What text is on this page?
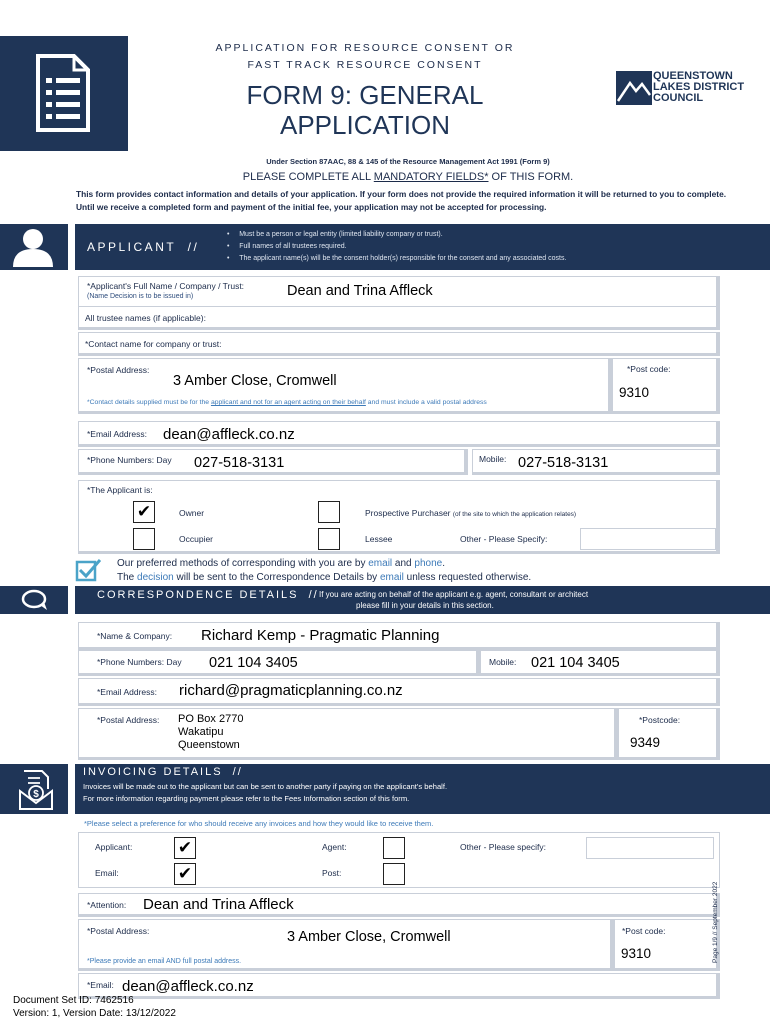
APPLICATION FOR RESOURCE CONSENT OR
FAST TRACK RESOURCE CONSENT
FORM 9: GENERAL
APPLICATION
QUEENSTOWN
LAKES DISTRICT
COUNCIL
Under Section 87AAC, 88 & 145 of the Resource Management Act 1991 (Form 9)
PLEASE COMPLETE ALL MANDATORY FIELDS* OF THIS FORM.
This form provides contact information and details of your application. If your form does not provide the required information it will be returned to you to complete. Until we receive a completed form and payment of the initial fee, your application may not be accepted for processing.
APPLICANT  //
•     Must be a person or legal entity (limited liability company or trust).
•     Full names of all trustees required.
•     The applicant name(s) will be the consent holder(s) responsible for the consent and any associated costs.
*Applicant's Full Name / Company / Trust:
(Name Decision is to be issued in)	Dean and Trina Affleck
All trustee names (if applicable):
*Contact name for company or trust:
*Postal Address:
3 Amber Close, Cromwell
*Contact details supplied must be for the applicant and not for an agent acting on their behalf and must include a valid postal address
*Post code:
9310
*Email Address: dean@affleck.co.nz
*Phone Numbers: Day 027-518-3131	Mobile: 027-518-3131
*The Applicant is:
✔	Owner	Prospective Purchaser (of the site to which the application relates)
Occupier	Lessee	Other - Please Specify:
Our preferred methods of corresponding with you are by email and phone.
The decision will be sent to the Correspondence Details by email unless requested otherwise.
CORRESPONDENCE DETAILS  // If you are acting on behalf of the applicant e.g. agent, consultant or architect
please fill in your details in this section.
*Name & Company: Richard Kemp - Pragmatic Planning
*Phone Numbers: Day 021 104 3405	Mobile: 021 104 3405
*Email Address: richard@pragmaticplanning.co.nz
*Postal Address: PO Box 2770
Wakatipu
Queenstown
*Postcode:
9349
$
INVOICING DETAILS  //
Invoices will be made out to the applicant but can be sent to another party if paying on the applicant's behalf.
For more information regarding payment please refer to the Fees Information section of this form.
*Please select a preference for who should receive any invoices and how they would like to receive them.
Applicant:	✔	Agent:	Other - Please specify:
Email:	✔	Post:
*Attention: Dean and Trina Affleck
*Postal Address:	3 Amber Close, Cromwell
*Please provide an email AND full postal address.
*Post code:
9310
*Email: dean@affleck.co.nz
Document Set ID: 7462516
Version: 1, Version Date: 13/12/2022
Page 1/9 // September 2022
